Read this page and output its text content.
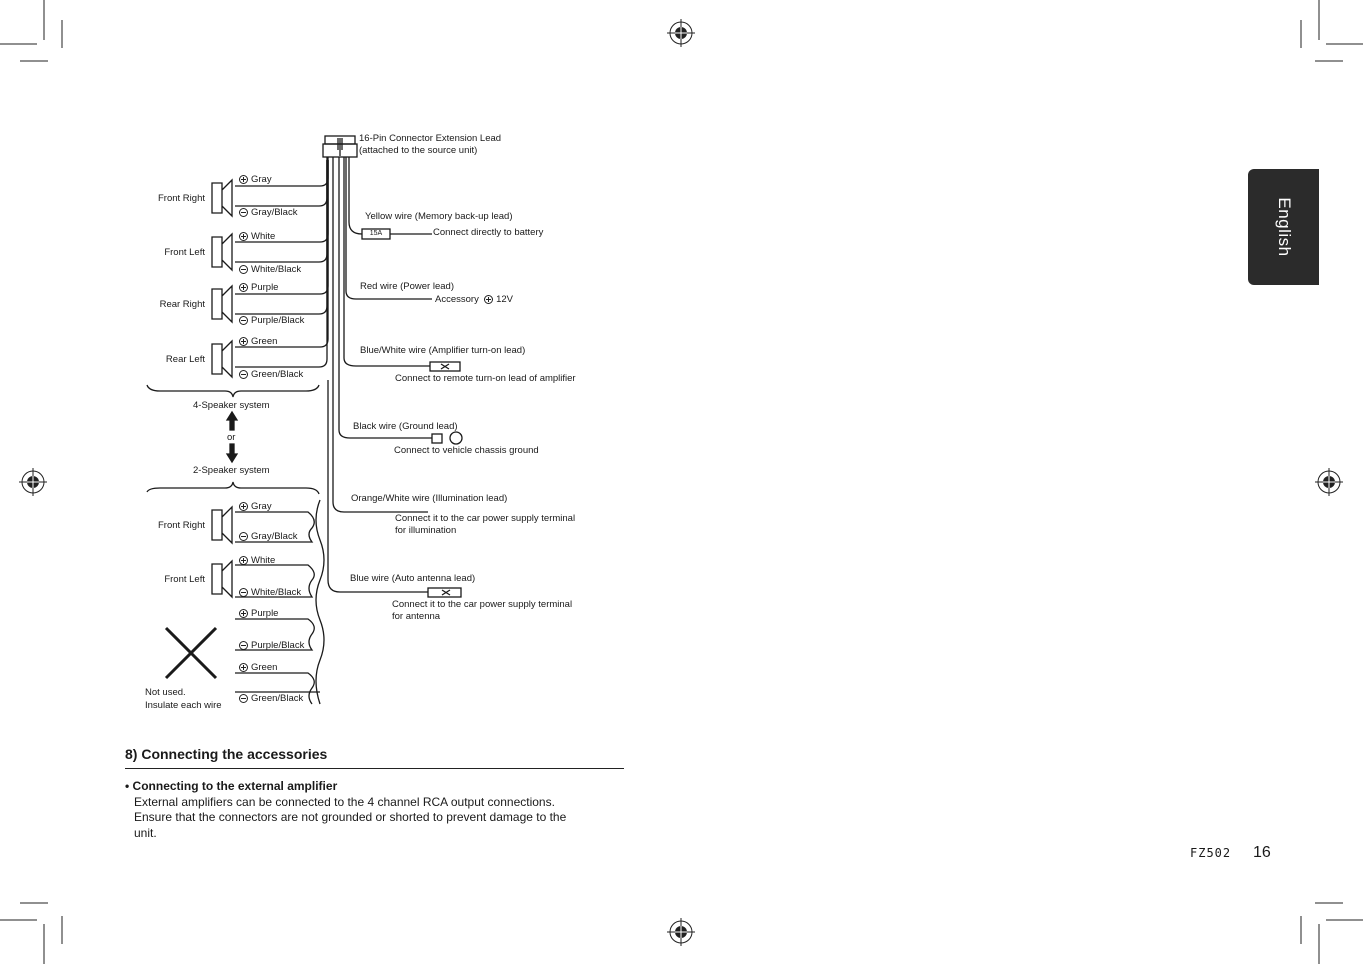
English
16-Pin Connector Extension Lead
(attached to the source unit)
Front Right
Front Left
Rear Right
Rear Left
Gray
Gray/Black
White
White/Black
Purple
Purple/Black
Green
Green/Black
4-Speaker system
or
2-Speaker system
Front Right
Front Left
Gray
Gray/Black
White
White/Black
Purple
Purple/Black
Green
Green/Black
Not used.
Insulate each wire
Yellow wire (Memory back-up lead)
15A	Connect directly to battery
Red wire (Power lead)
Accessory 12V
Blue/White wire (Amplifier turn-on lead)
Connect to remote turn-on lead of amplifier
Black wire (Ground lead)
Connect to vehicle chassis ground
Orange/White wire (Illumination lead)
Connect it to the car power supply terminal
for illumination
Blue wire (Auto antenna lead)
Connect it to the car power supply terminal
for antenna
8) Connecting the accessories
• Connecting to the external amplifier
External amplifiers can be connected to the 4 channel RCA output connections.
Ensure that the connectors are not grounded or shorted to prevent damage to the
unit.
FZ502 16
